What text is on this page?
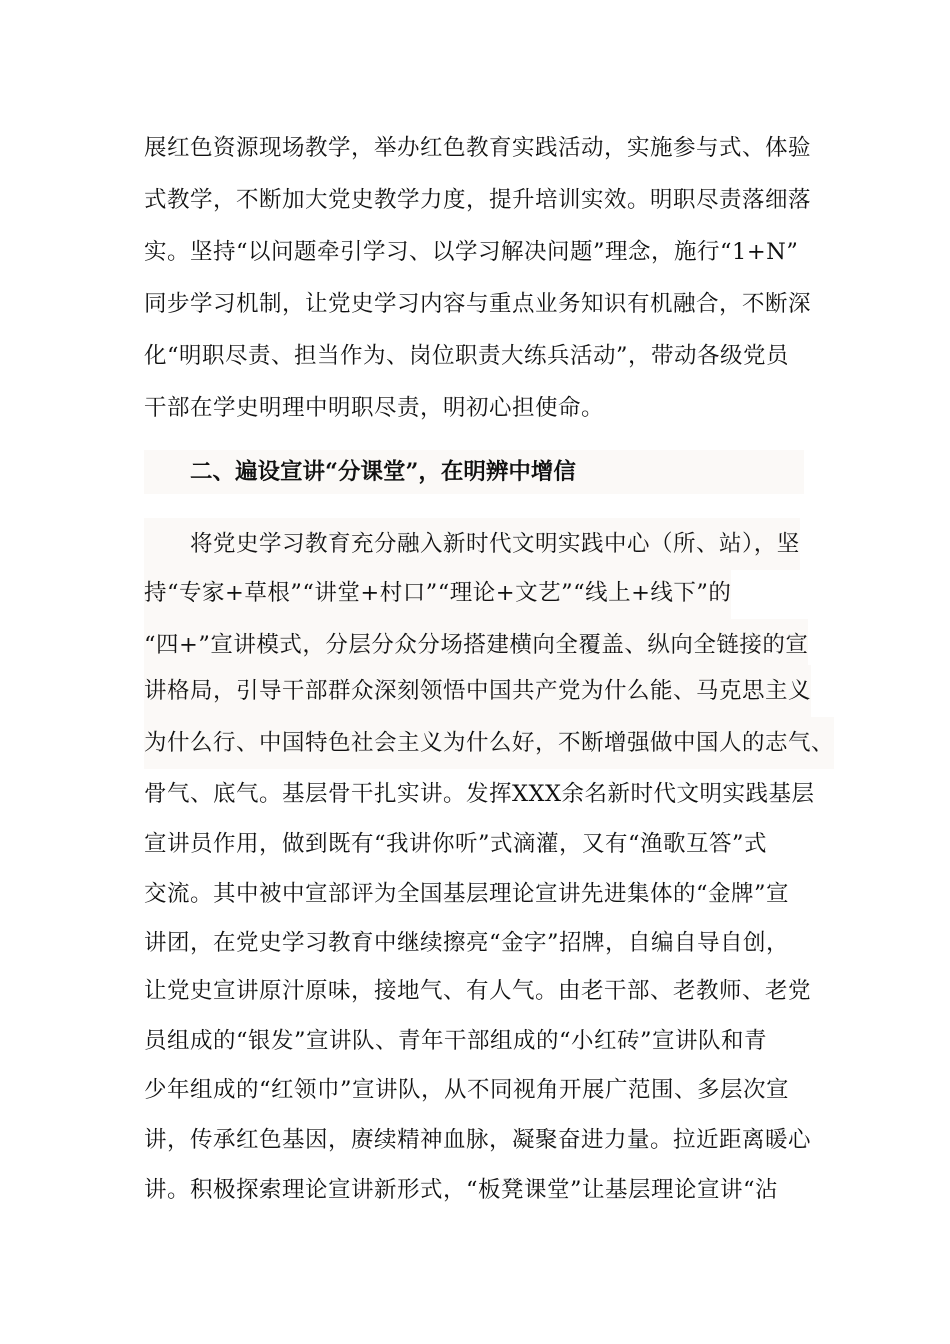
展红色资源现场教学，举办红色教育实践活动，实施参与式、体验
式教学，不断加大党史教学力度，提升培训实效。明职尽责落细落
实。坚持“以问题牵引学习、以学习解决问题”理念，施行“1+N”
同步学习机制，让党史学习内容与重点业务知识有机融合，不断深
化“明职尽责、担当作为、岗位职责大练兵活动”，带动各级党员
干部在学史明理中明职尽责，明初心担使命。
二、遍设宣讲“分课堂”，在明辨中增信
将党史学习教育充分融入新时代文明实践中心（所、站），坚
持“专家+草根”“讲堂+村口”“理论+文艺”“线上+线下”的
“四+”宣讲模式，分层分众分场搭建横向全覆盖、纵向全链接的宣
讲格局，引导干部群众深刻领悟中国共产党为什么能、马克思主义
为什么行、中国特色社会主义为什么好，不断增强做中国人的志气、
骨气、底气。基层骨干扎实讲。发挥XXX余名新时代文明实践基层
宣讲员作用，做到既有“我讲你听”式滴灌，又有“渔歌互答”式
交流。其中被中宣部评为全国基层理论宣讲先进集体的“金牌”宣
讲团，在党史学习教育中继续擦亮“金字”招牌，自编自导自创，
让党史宣讲原汁原味，接地气、有人气。由老干部、老教师、老党
员组成的“银发”宣讲队、青年干部组成的“小红砖”宣讲队和青
少年组成的“红领巾”宣讲队，从不同视角开展广范围、多层次宣
讲，传承红色基因，赓续精神血脉，凝聚奋进力量。拉近距离暖心
讲。积极探索理论宣讲新形式，“板凳课堂”让基层理论宣讲“沾
